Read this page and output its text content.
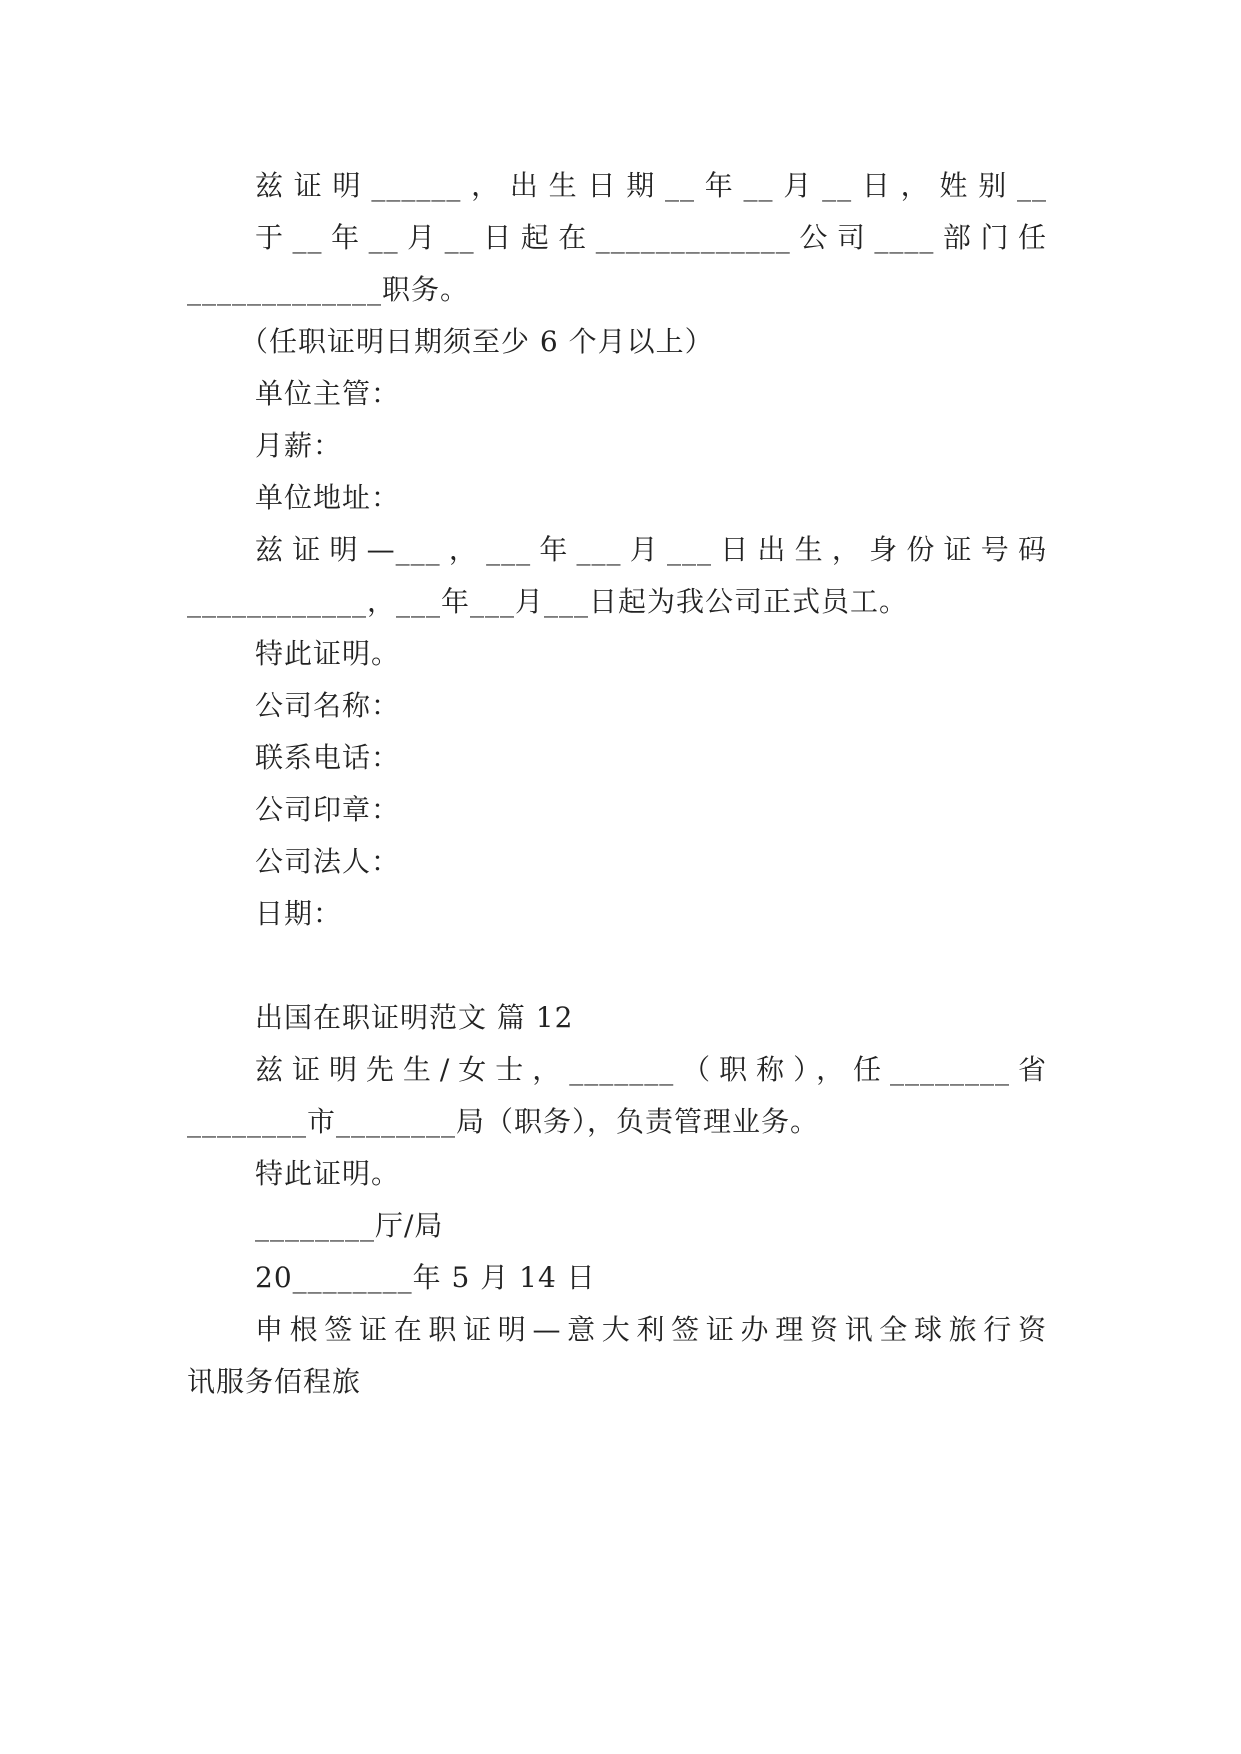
兹证明______，出生日期__年__月__日，姓别__
于__年__月__日起在_____________公司____部门任
_____________职务。
（任职证明日期须至少 6 个月以上）
单位主管：
月薪：
单位地址：
兹证明—___，___年___月___日出生，身份证号码
____________，___年___月___日起为我公司正式员工。
特此证明。
公司名称：
联系电话：
公司印章：
公司法人：
日期：
出国在职证明范文 篇 12
兹证明先生/女士，_______（职称），任________省
________市________局（职务），负责管理业务。
特此证明。
________厅/局
20________年 5 月 14 日
申根签证在职证明—意大利签证办理资讯全球旅行资
讯服务佰程旅
